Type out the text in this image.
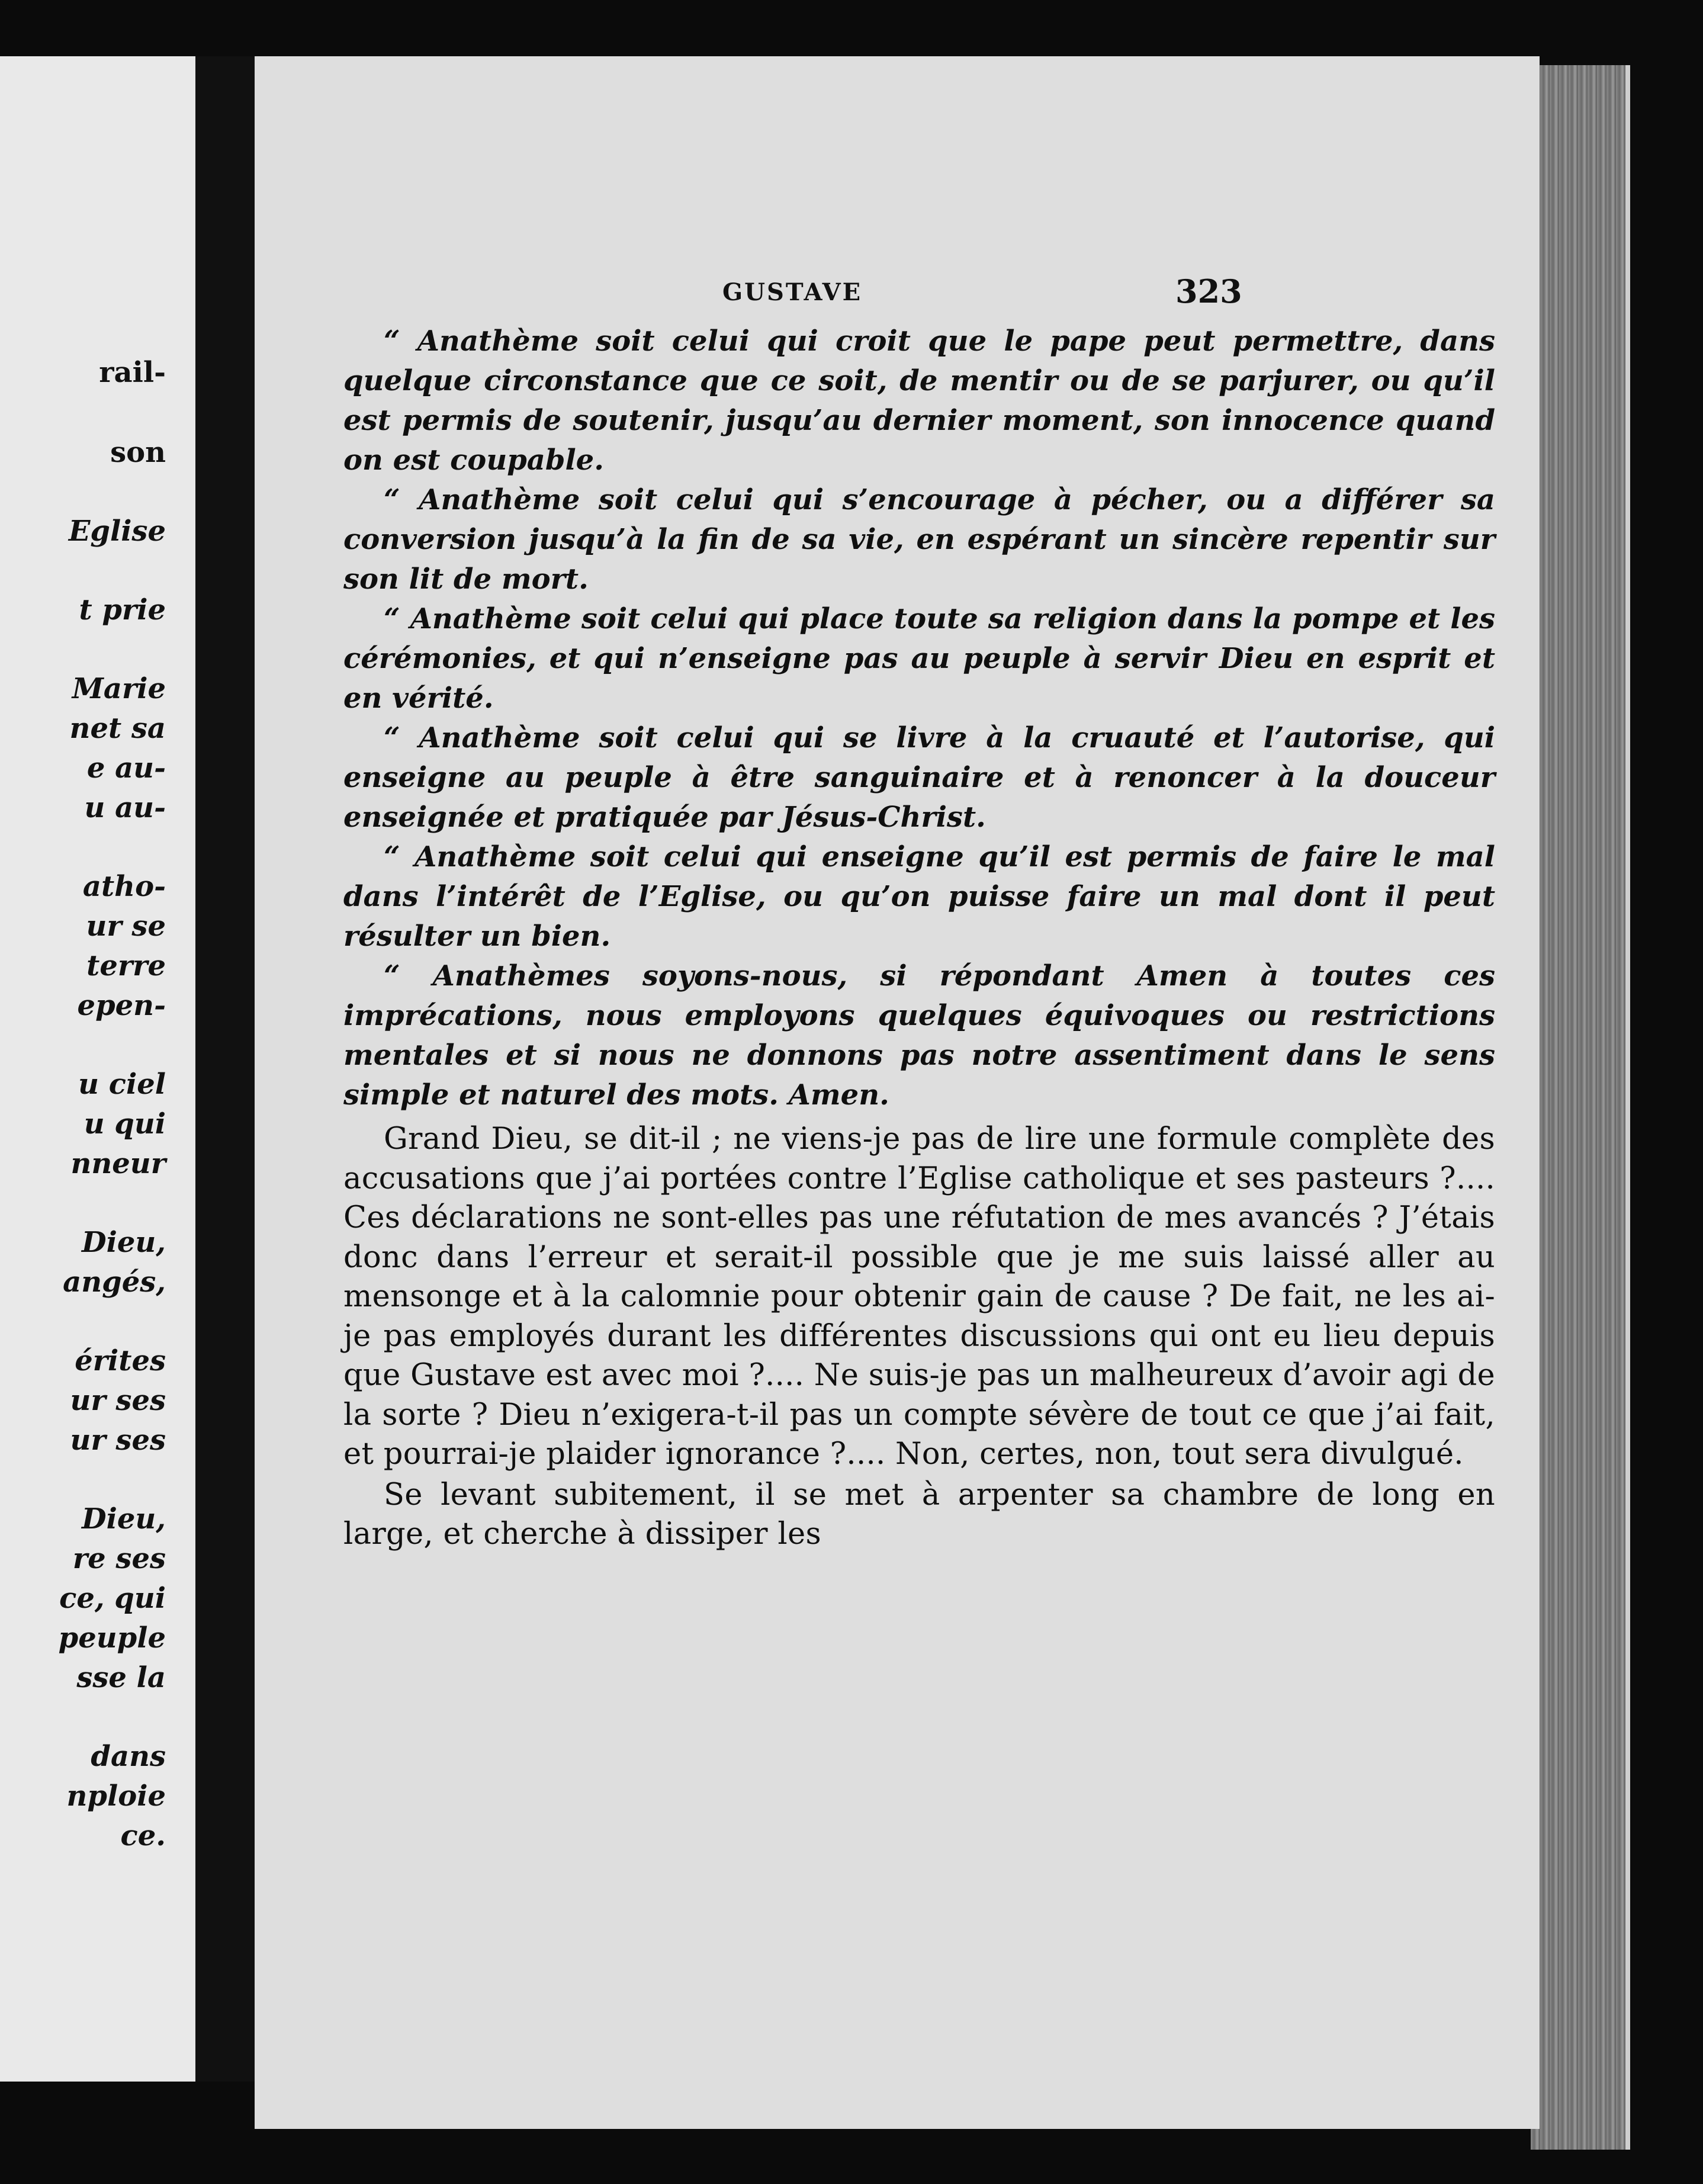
rail-
son
Eglise
t prie
Marie
net sa
e au-
u au-
atho-
ur se
terre
epen-
u ciel
u qui
nneur
Dieu,
angés,
érites
ur ses
ur ses
Dieu,
re ses
ce, qui
peuple
sse la
dans
nploie
ce.
GUSTAVE	323

“ Anathème soit celui qui croit que le pape peut permettre, dans quelque circonstance que ce soit, de mentir ou de se parjurer, ou qu’il est permis de soutenir, jusqu’au dernier moment, son innocence quand on est coupable.

“ Anathème soit celui qui s’encourage à pécher, ou a différer sa conversion jusqu’à la fin de sa vie, en espérant un sincère repentir sur son lit de mort.

“ Anathème soit celui qui place toute sa religion dans la pompe et les cérémonies, et qui n’enseigne pas au peuple à servir Dieu en esprit et en vérité.

“ Anathème soit celui qui se livre à la cruauté et l’autorise, qui enseigne au peuple à être sanguinaire et à renoncer à la douceur enseignée et pratiquée par Jésus-Christ.

“ Anathème soit celui qui enseigne qu’il est permis de faire le mal dans l’intérêt de l’Eglise, ou qu’on puisse faire un mal dont il peut résulter un bien.

“ Anathèmes soyons-nous, si répondant Amen à toutes ces imprécations, nous employons quelques équivoques ou restrictions mentales et si nous ne donnons pas notre assentiment dans le sens simple et naturel des mots. Amen.

Grand Dieu, se dit-il ; ne viens-je pas de lire une formule complète des accusations que j’ai portées contre l’Eglise catholique et ses pasteurs ?.... Ces déclarations ne sont-elles pas une réfutation de mes avancés ? J’étais donc dans l’erreur et serait-il possible que je me suis laissé aller au mensonge et à la calomnie pour obtenir gain de cause ? De fait, ne les ai-je pas employés durant les différentes discussions qui ont eu lieu depuis que Gustave est avec moi ?.... Ne suis-je pas un malheureux d’avoir agi de la sorte ? Dieu n’exigera-t-il pas un compte sévère de tout ce que j’ai fait, et pourrai-je plaider ignorance ?.... Non, certes, non, tout sera divulgué.

Se levant subitement, il se met à arpenter sa chambre de long en large, et cherche à dissiper les
